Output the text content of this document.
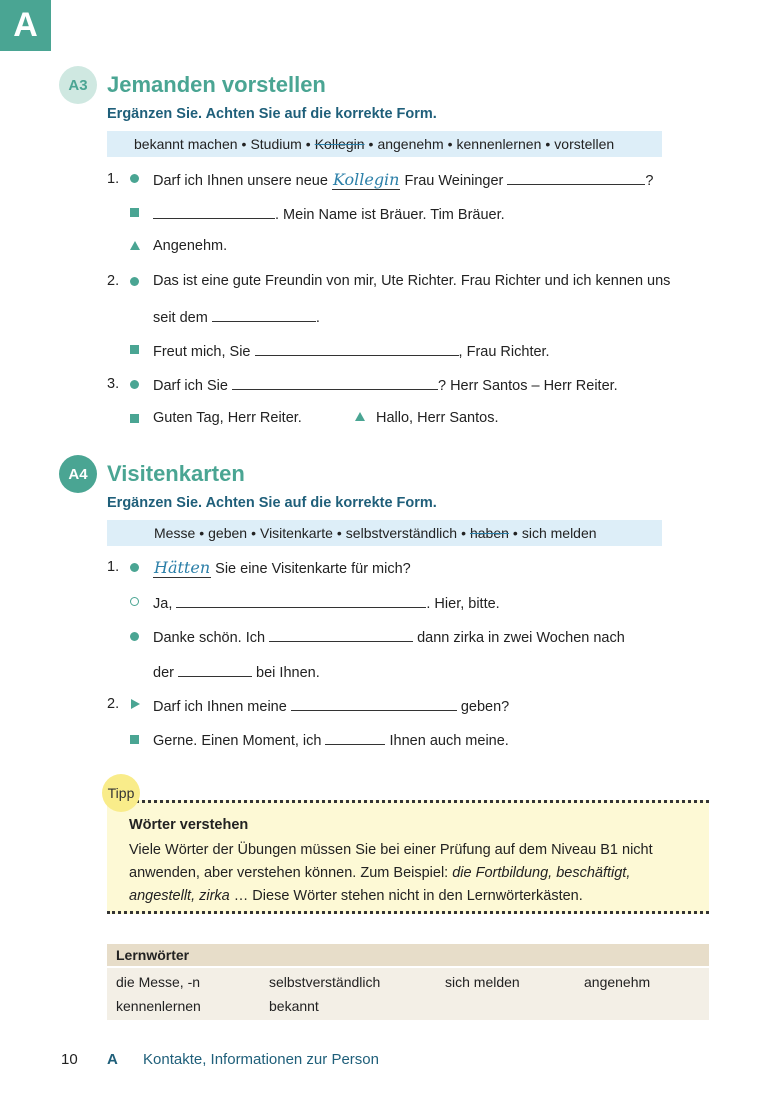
A
A3 Jemanden vorstellen
Ergänzen Sie. Achten Sie auf die korrekte Form.
bekannt machen • Studium • Kollegin • angenehm • kennenlernen • vorstellen
1. Darf ich Ihnen unsere neue Kollegin Frau Weininger	?
. Mein Name ist Bräuer. Tim Bräuer.
Angenehm.
2. Das ist eine gute Freundin von mir, Ute Richter. Frau Richter und ich kennen uns
seit dem	.
Freut mich, Sie	, Frau Richter.
3. Darf ich Sie	? Herr Santos – Herr Reiter.
Guten Tag, Herr Reiter.	Hallo, Herr Santos.
A4 Visitenkarten
Ergänzen Sie. Achten Sie auf die korrekte Form.
Messe • geben • Visitenkarte • selbstverständlich • haben • sich melden
1. Hätten Sie eine Visitenkarte für mich?
Ja,	. Hier, bitte.
Danke schön. Ich	dann zirka in zwei Wochen nach
der	bei Ihnen.
2. Darf ich Ihnen meine	geben?
Gerne. Einen Moment, ich	Ihnen auch meine.
Wörter verstehen
Viele Wörter der Übungen müssen Sie bei einer Prüfung auf dem Niveau B1 nicht
anwenden, aber verstehen können. Zum Beispiel: die Fortbildung, beschäftigt,
angestellt, zirka … Diese Wörter stehen nicht in den Lernwörterkästen.
Tipp
Lernwörter
die Messe, -n	selbstverständlich	sich melden	angenehm
kennenlernen	bekannt
10 A Kontakte, Informationen zur Person
